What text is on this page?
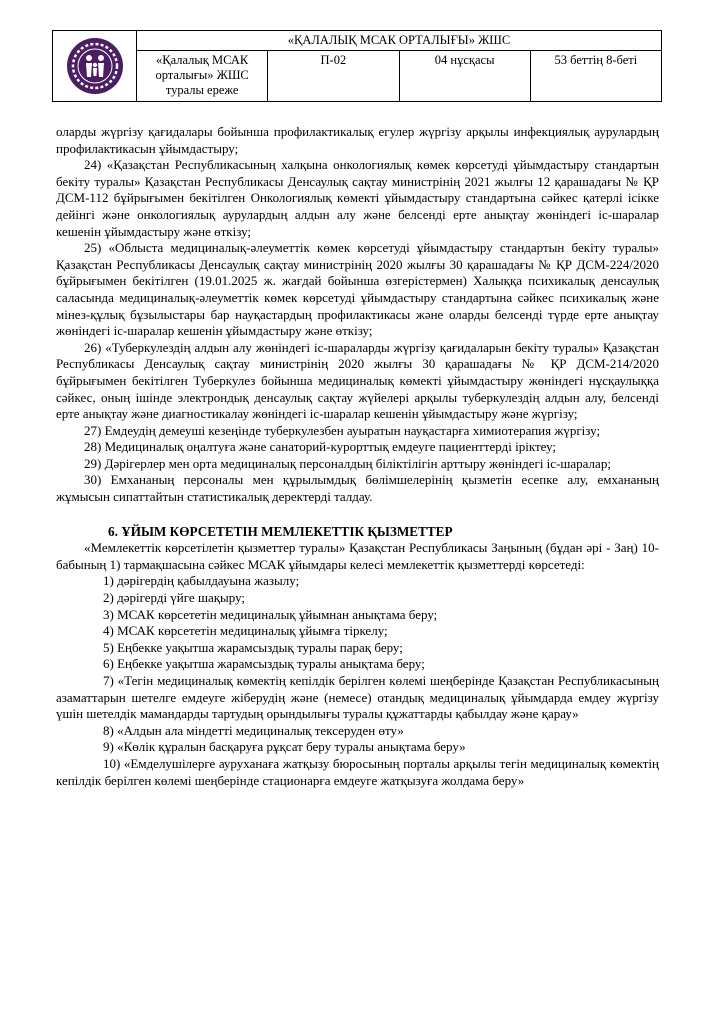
	«ҚАЛАЛЫҚ МСАК ОРТАЛЫҒЫ» ЖШС			
	«Қалалық МСАК орталығы» ЖШС туралы ереже	П-02	04 нұсқасы	53 беттің 8-беті

оларды жүргізу қағидалары бойынша профилактикалық егулер жүргізу арқылы инфекциялық аурулардың профилактикасын ұйымдастыру;

24) «Қазақстан Республикасының халқына онкологиялық көмек көрсетуді ұйымдастыру стандартын бекіту туралы» Қазақстан Республикасы Денсаулық сақтау министрінің 2021 жылғы 12 қарашадағы № ҚР ДСМ-112 бұйрығымен бекітілген Онкологиялық көмекті ұйымдастыру стандартына сәйкес қатерлі ісікке дейінгі және онкологиялық аурулардың алдын алу және белсенді ерте анықтау жөніндегі іс-шаралар кешенін ұйымдастыру және өткізу;

25) «Облыста медициналық-әлеуметтік көмек көрсетуді ұйымдастыру стандартын бекіту туралы» Қазақстан Республикасы Денсаулық сақтау министрінің 2020 жылғы 30 қарашадағы № ҚР ДСМ-224/2020 бұйрығымен бекітілген (19.01.2025 ж. жағдай бойынша өзгерістермен) Халыққа психикалық денсаулық саласында медициналық-әлеуметтік көмек көрсетуді ұйымдастыру стандартына сәйкес психикалық және мінез-құлық бұзылыстары бар науқастардың профилактикасы және оларды белсенді түрде ерте анықтау жөніндегі іс-шаралар кешенін ұйымдастыру және өткізу;

26) «Туберкулездің алдын алу жөніндегі іс-шараларды жүргізу қағидаларын бекіту туралы» Қазақстан Республикасы Денсаулық сақтау министрінің 2020 жылғы 30 қарашадағы № ҚР ДСМ-214/2020 бұйрығымен бекітілген Туберкулез бойынша медициналық көмекті ұйымдастыру жөніндегі нұсқаулыққа сәйкес, оның ішінде электрондық денсаулық сақтау жүйелері арқылы туберкулездің алдын алу, белсенді ерте анықтау және диагностикалау жөніндегі іс-шаралар кешенін ұйымдастыру және жүргізу;

27) Емдеудің демеуші кезеңінде туберкулезбен ауыратын науқастарға химиотерапия жүргізу;

28) Медициналық оңалтуға және санаторий-курорттық емдеуге пациенттерді іріктеу;

29) Дәрігерлер мен орта медициналық персоналдың біліктілігін арттыру жөніндегі іс-шаралар;

30) Емхананың персоналы мен құрылымдық бөлімшелерінің қызметін есепке алу, емхананың жұмысын сипаттайтын статистикалық деректерді талдау.

6. ҰЙЫМ КӨРСЕТЕТІН МЕМЛЕКЕТТІК ҚЫЗМЕТТЕР

«Мемлекеттік көрсетілетін қызметтер туралы» Қазақстан Республикасы Заңының (бұдан әрі - Заң) 10-бабының 1) тармақшасына сәйкес МСАК ұйымдары келесі мемлекеттік қызметтерді көрсетеді:

1) дәрігердің қабылдауына жазылу;

2) дәрігерді үйге шақыру;

3) МСАК көрсететін медициналық ұйымнан анықтама беру;

4) МСАК көрсететін медициналық ұйымға тіркелу;

5) Еңбекке уақытша жарамсыздық туралы парақ беру;

6) Еңбекке уақытша жарамсыздық туралы анықтама беру;

7) «Тегін медициналық көмектің кепілдік берілген көлемі шеңберінде Қазақстан Республикасының азаматтарын шетелге емдеуге жіберудің және (немесе) отандық медициналық ұйымдарда емдеу жүргізу үшін шетелдік мамандарды тартудың орындылығы туралы құжаттарды қабылдау және қарау»

8) «Алдын ала міндетті медициналық тексеруден өту»

9) «Көлік құралын басқаруға рұқсат беру туралы анықтама беру»

10) «Емделушілерге ауруханаға жатқызу бюросының порталы арқылы тегін медициналық көмектің кепілдік берілген көлемі шеңберінде стационарға емдеуге жатқызуға жолдама беру»
